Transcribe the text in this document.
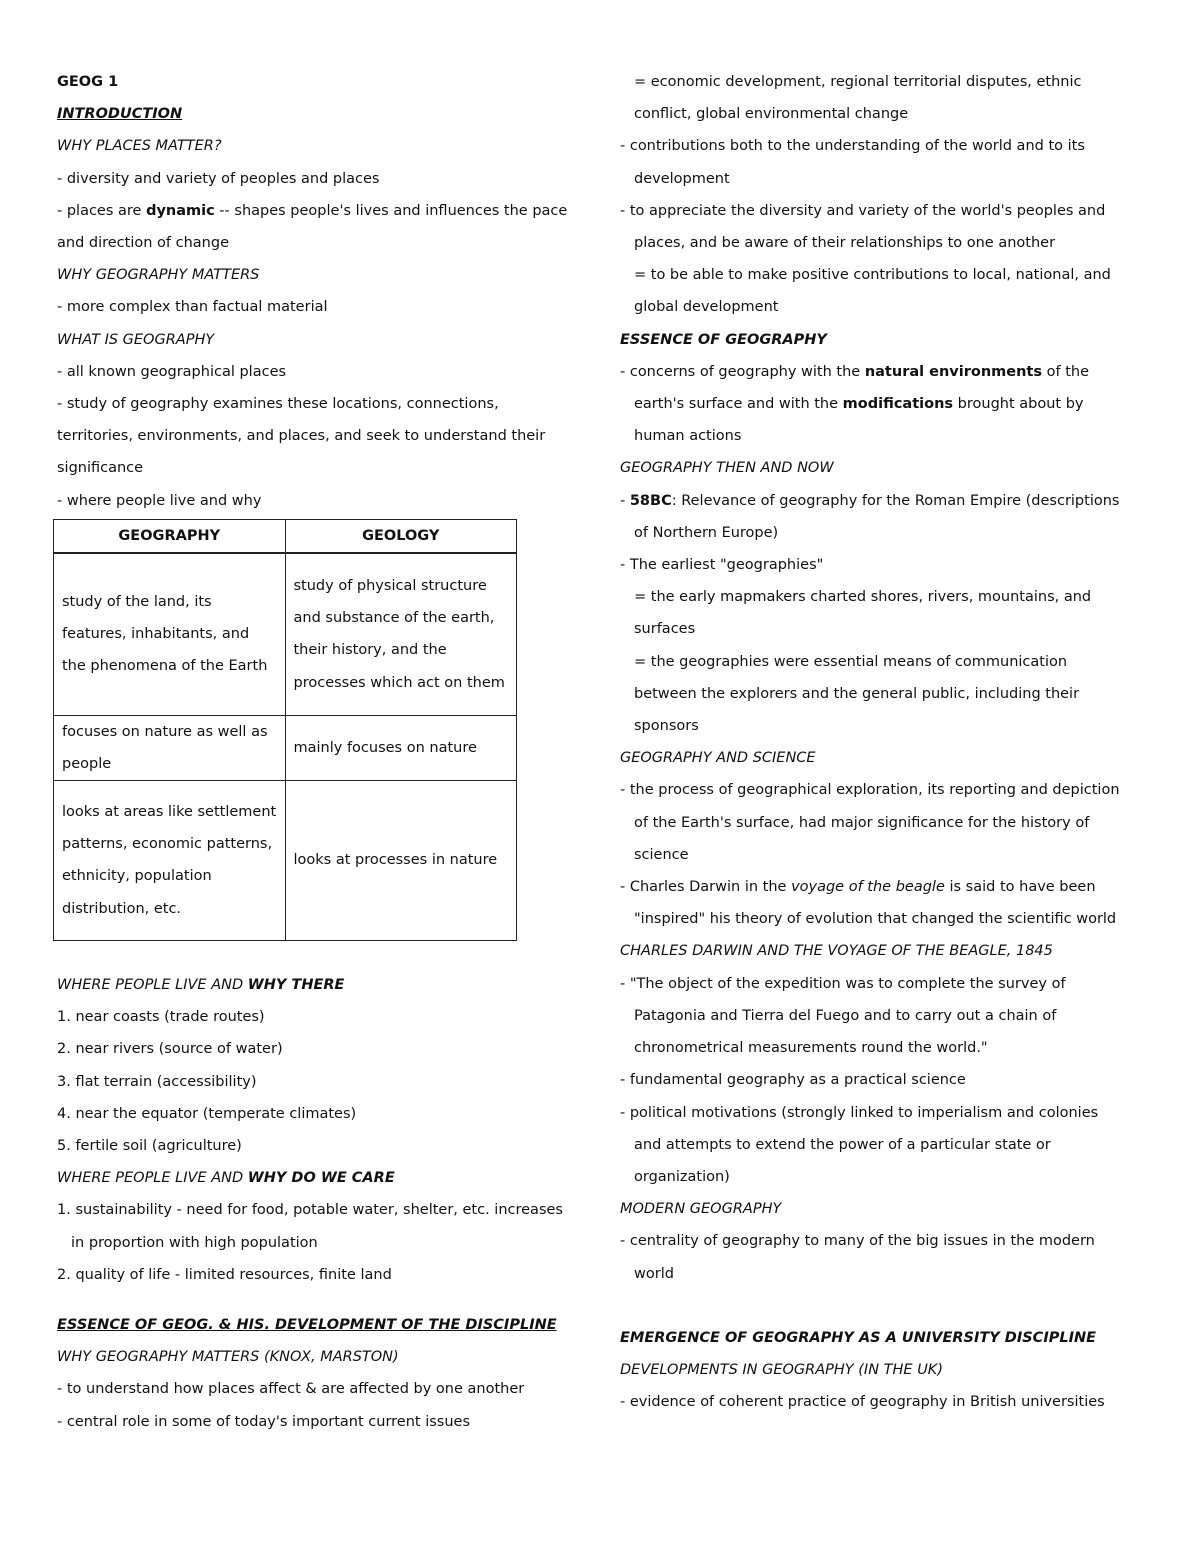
GEOG 1
INTRODUCTION
WHY PLACES MATTER?
- diversity and variety of peoples and places
- places are dynamic -- shapes people's lives and influences the pace
and direction of change
WHY GEOGRAPHY MATTERS
- more complex than factual material
WHAT IS GEOGRAPHY
- all known geographical places
- study of geography examines these locations, connections,
territories, environments, and places, and seek to understand their
significance
- where people live and why
GEOGRAPHY	GEOLOGY
study of the land, its features, inhabitants, and the phenomena of the Earth	study of physical structure and substance of the earth, their history, and the processes which act on them
focuses on nature as well as people	mainly focuses on nature
looks at areas like settlement patterns, economic patterns, ethnicity, population distribution, etc.	looks at processes in nature
WHERE PEOPLE LIVE AND WHY THERE
1. near coasts (trade routes)
2. near rivers (source of water)
3. flat terrain (accessibility)
4. near the equator (temperate climates)
5. fertile soil (agriculture)
WHERE PEOPLE LIVE AND WHY DO WE CARE
1. sustainability - need for food, potable water, shelter, etc. increases
in proportion with high population
2. quality of life - limited resources, finite land
ESSENCE OF GEOG. & HIS. DEVELOPMENT OF THE DISCIPLINE
WHY GEOGRAPHY MATTERS (KNOX, MARSTON)
- to understand how places affect & are affected by one another
- central role in some of today's important current issues
= economic development, regional territorial disputes, ethnic
conflict, global environmental change
- contributions both to the understanding of the world and to its
development
- to appreciate the diversity and variety of the world's peoples and
places, and be aware of their relationships to one another
= to be able to make positive contributions to local, national, and
global development
ESSENCE OF GEOGRAPHY
- concerns of geography with the natural environments of the
earth's surface and with the modifications brought about by
human actions
GEOGRAPHY THEN AND NOW
- 58BC: Relevance of geography for the Roman Empire (descriptions
of Northern Europe)
- The earliest "geographies"
= the early mapmakers charted shores, rivers, mountains, and
surfaces
= the geographies were essential means of communication
between the explorers and the general public, including their
sponsors
GEOGRAPHY AND SCIENCE
- the process of geographical exploration, its reporting and depiction
of the Earth's surface, had major significance for the history of
science
- Charles Darwin in the voyage of the beagle is said to have been
"inspired" his theory of evolution that changed the scientific world
CHARLES DARWIN AND THE VOYAGE OF THE BEAGLE, 1845
- "The object of the expedition was to complete the survey of
Patagonia and Tierra del Fuego and to carry out a chain of
chronometrical measurements round the world."
- fundamental geography as a practical science
- political motivations (strongly linked to imperialism and colonies
and attempts to extend the power of a particular state or
organization)
MODERN GEOGRAPHY
- centrality of geography to many of the big issues in the modern
world
EMERGENCE OF GEOGRAPHY AS A UNIVERSITY DISCIPLINE
DEVELOPMENTS IN GEOGRAPHY (IN THE UK)
- evidence of coherent practice of geography in British universities
